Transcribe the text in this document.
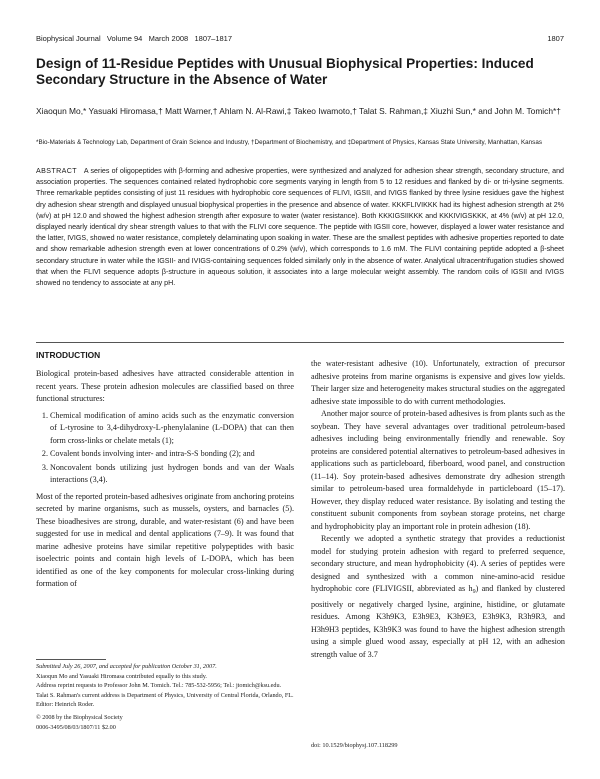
Biophysical Journal Volume 94 March 2008 1807–1817	1807
Design of 11-Residue Peptides with Unusual Biophysical Properties: Induced Secondary Structure in the Absence of Water
Xiaoqun Mo,* Yasuaki Hiromasa,† Matt Warner,† Ahlam N. Al-Rawi,‡ Takeo Iwamoto,† Talat S. Rahman,‡ Xiuzhi Sun,* and John M. Tomich*†
*Bio-Materials & Technology Lab, Department of Grain Science and Industry, †Department of Biochemistry, and ‡Department of Physics, Kansas State University, Manhattan, Kansas
ABSTRACT A series of oligopeptides with β-forming and adhesive properties, were synthesized and analyzed for adhesion shear strength, secondary structure, and association properties. The sequences contained related hydrophobic core segments varying in length from 5 to 12 residues and flanked by di- or tri-lysine segments. Three remarkable peptides consisting of just 11 residues with hydrophobic core sequences of FLIVI, IGSII, and IVIGS flanked by three lysine residues gave the highest dry adhesion shear strength and displayed unusual biophysical properties in the presence and absence of water. KKKFLIVIKKK had its highest adhesion strength at 2% (w/v) at pH 12.0 and showed the highest adhesion strength after exposure to water (water resistance). Both KKKIGSIIKKK and KKKIVIGSKKK, at 4% (w/v) at pH 12.0, displayed nearly identical dry shear strength values to that with the FLIVI core sequence. The peptide with IGSII core, however, displayed a lower water resistance and the latter, IVIGS, showed no water resistance, completely delaminating upon soaking in water. These are the smallest peptides with adhesive properties reported to date and show remarkable adhesion strength even at lower concentrations of 0.2% (w/v), which corresponds to 1.6 mM. The FLIVI containing peptide adopted a β-sheet secondary structure in water while the IGSII- and IVIGS-containing sequences folded similarly only in the absence of water. Analytical ultracentrifugation studies showed that when the FLIVI sequence adopts β-structure in aqueous solution, it associates into a large molecular weight assembly. The random coils of IGSII and IVIGS showed no tendency to associate at any pH.
INTRODUCTION

Biological protein-based adhesives have attracted considerable attention in recent years. These protein adhesion molecules are classified based on three functional structures:

1. Chemical modification of amino acids such as the enzymatic conversion of L-tyrosine to 3,4-dihydroxy-L-phenylalanine (L-DOPA) that can then form cross-links or chelate metals (1);
2. Covalent bonds involving inter- and intra-S-S bonding (2); and
3. Noncovalent bonds utilizing just hydrogen bonds and van der Waals interactions (3,4).

Most of the reported protein-based adhesives originate from anchoring proteins secreted by marine organisms, such as mussels, oysters, and barnacles (5). These bioadhesives are strong, durable, and water-resistant (6) and have been suggested for use in medical and dental applications (7–9). It was found that marine adhesive proteins have similar repetitive polypeptides with basic isoelectric points and contain high levels of L-DOPA, which has been identified as one of the key components for molecular cross-linking during formation of

the water-resistant adhesive (10). Unfortunately, extraction of precursor adhesive proteins from marine organisms is expensive and gives low yields. Their larger size and heterogeneity makes structural studies on the aggregated adhesive state impossible to do with current methodologies.

Another major source of protein-based adhesives is from plants such as the soybean. They have several advantages over traditional petroleum-based adhesives including being environmentally friendly and renewable. Soy proteins are considered potential alternatives to petroleum-based adhesives in applications such as particleboard, fiberboard, wood panel, and construction (11–14). Soy protein-based adhesives demonstrate dry adhesion strength similar to petroleum-based urea formaldehyde in particleboard (15–17). However, they display reduced water resistance. By isolating and testing the constituent subunit components from soybean storage proteins, net charge and hydrophobicity play an important role in protein adhesion (18).

Recently we adopted a synthetic strategy that provides a reductionist model for studying protein adhesion with regard to preferred sequence, secondary structure, and mean hydrophobicity (4). A series of peptides were designed and synthesized with a common nine-amino-acid residue hydrophobic core (FLIVIGSII, abbreviated as $h_9$) and flanked by clustered positively or negatively charged lysine, arginine, histidine, or glutamate residues. Among K3h9K3, E3h9E3, K3h9E3, E3h9K3, R3h9R3, and H3h9H3 peptides, K3h9K3 was found to have the highest adhesion strength using a simple glued wood assay, especially at pH 12, with an adhesion strength value of 3.7

Submitted July 26, 2007, and accepted for publication October 31, 2007.

Xiaoqun Mo and Yasuaki Hiromasa contributed equally to this study.

Address reprint requests to Professor John M. Tomich. Tel.: 785-532-5956; Tel.: jtomich@ksu.edu.

Talat S. Rahman's current address is Department of Physics, University of Central Florida, Orlando, FL.

Editor: Heinrich Roder.

© 2008 by the Biophysical Society

0006-3495/08/03/1807/11 $2.00

doi: 10.1529/biophysj.107.118299
